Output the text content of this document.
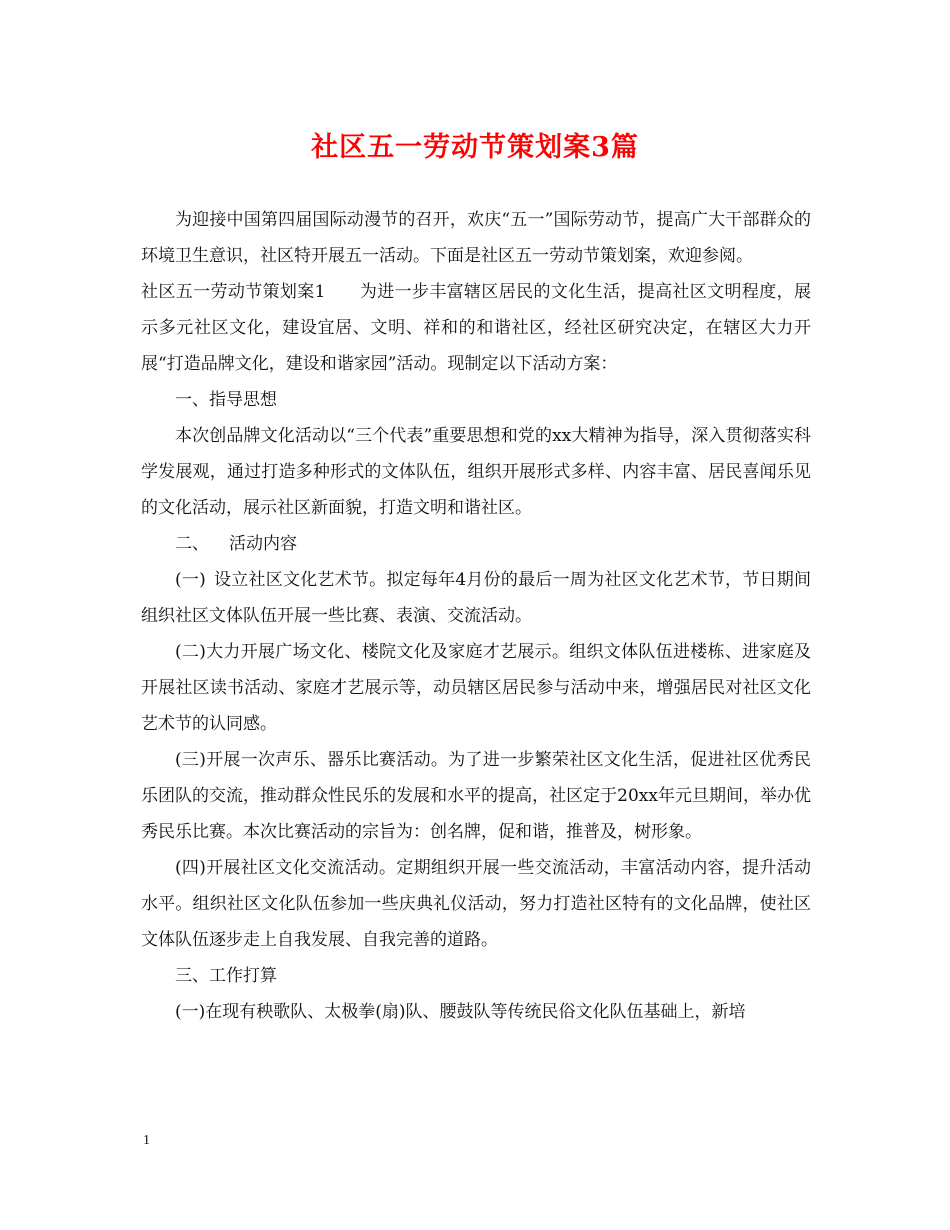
社区五一劳动节策划案3篇

为迎接中国第四届国际动漫节的召开，欢庆“五一”国际劳动节，提高广大干部群众的环境卫生意识，社区特开展五一活动。下面是社区五一劳动节策划案，欢迎参阅。

社区五一劳动节策划案1 为进一步丰富辖区居民的文化生活，提高社区文明程度，展示多元社区文化，建设宜居、文明、祥和的和谐社区，经社区研究决定，在辖区大力开展“打造品牌文化，建设和谐家园”活动。现制定以下活动方案：

一、指导思想

本次创品牌文化活动以“三个代表”重要思想和党的xx大精神为指导，深入贯彻落实科学发展观，通过打造多种形式的文体队伍，组织开展形式多样、内容丰富、居民喜闻乐见的文化活动，展示社区新面貌，打造文明和谐社区。

二、 活动内容

(一) 设立社区文化艺术节。拟定每年4月份的最后一周为社区文化艺术节，节日期间组织社区文体队伍开展一些比赛、表演、交流活动。

(二)大力开展广场文化、楼院文化及家庭才艺展示。组织文体队伍进楼栋、进家庭及开展社区读书活动、家庭才艺展示等，动员辖区居民参与活动中来，增强居民对社区文化艺术节的认同感。

(三)开展一次声乐、器乐比赛活动。为了进一步繁荣社区文化生活，促进社区优秀民乐团队的交流，推动群众性民乐的发展和水平的提高，社区定于20xx年元旦期间，举办优秀民乐比赛。本次比赛活动的宗旨为：创名牌，促和谐，推普及，树形象。

(四)开展社区文化交流活动。定期组织开展一些交流活动，丰富活动内容，提升活动水平。组织社区文化队伍参加一些庆典礼仪活动，努力打造社区特有的文化品牌，使社区文体队伍逐步走上自我发展、自我完善的道路。

三、工作打算

(一)在现有秧歌队、太极拳(扇)队、腰鼓队等传统民俗文化队伍基础上，新培

1
